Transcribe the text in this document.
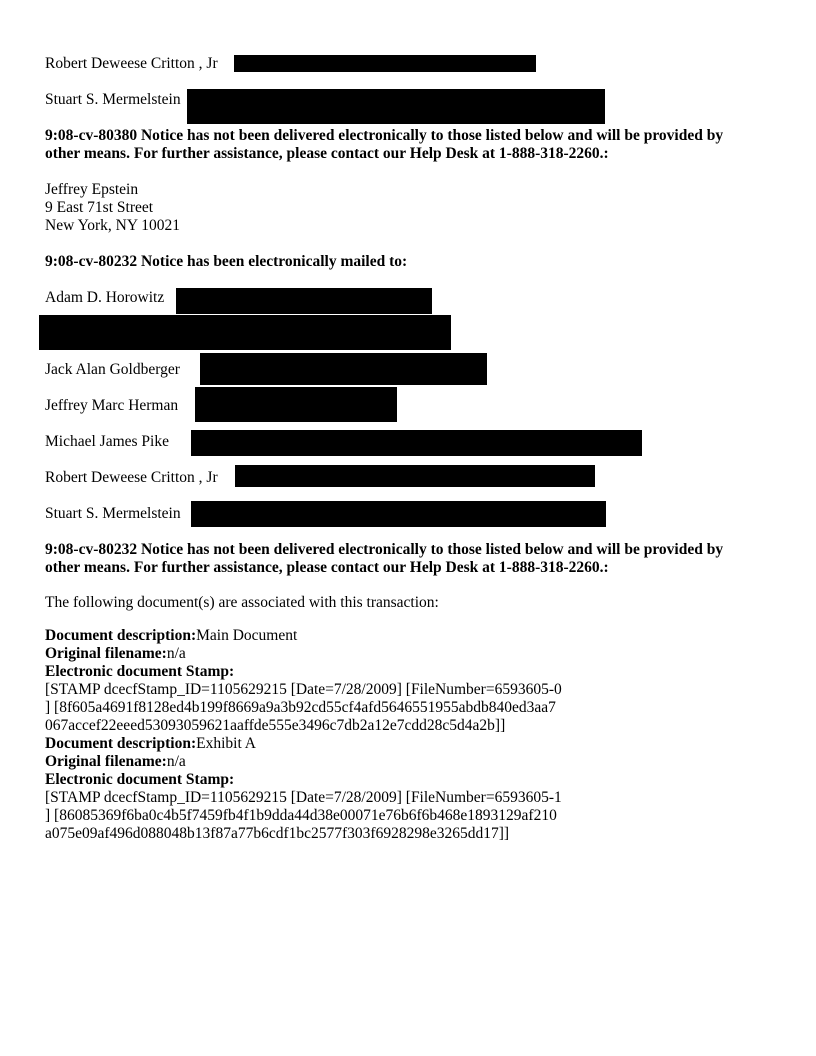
Robert Deweese Critton , Jr
Stuart S. Mermelstein
9:08-cv-80380 Notice has not been delivered electronically to those listed below and will be provided by
other means. For further assistance, please contact our Help Desk at 1-888-318-2260.:
Jeffrey Epstein
9 East 71st Street
New York, NY 10021
9:08-cv-80232 Notice has been electronically mailed to:
Adam D. Horowitz
Jack Alan Goldberger
Jeffrey Marc Herman
Michael James Pike
Robert Deweese Critton , Jr
Stuart S. Mermelstein
9:08-cv-80232 Notice has not been delivered electronically to those listed below and will be provided by
other means. For further assistance, please contact our Help Desk at 1-888-318-2260.:
The following document(s) are associated with this transaction:
Document description:Main Document
Original filename:n/a
Electronic document Stamp:
[STAMP dcecfStamp_ID=1105629215 [Date=7/28/2009] [FileNumber=6593605-0
] [8f605a4691f8128ed4b199f8669a9a3b92cd55cf4afd5646551955abdb840ed3aa7
067accef22eeed53093059621aaffde555e3496c7db2a12e7cdd28c5d4a2b]]
Document description:Exhibit A
Original filename:n/a
Electronic document Stamp:
[STAMP dcecfStamp_ID=1105629215 [Date=7/28/2009] [FileNumber=6593605-1
] [86085369f6ba0c4b5f7459fb4f1b9dda44d38e00071e76b6f6b468e1893129af210
a075e09af496d088048b13f87a77b6cdf1bc2577f303f6928298e3265dd17]]
